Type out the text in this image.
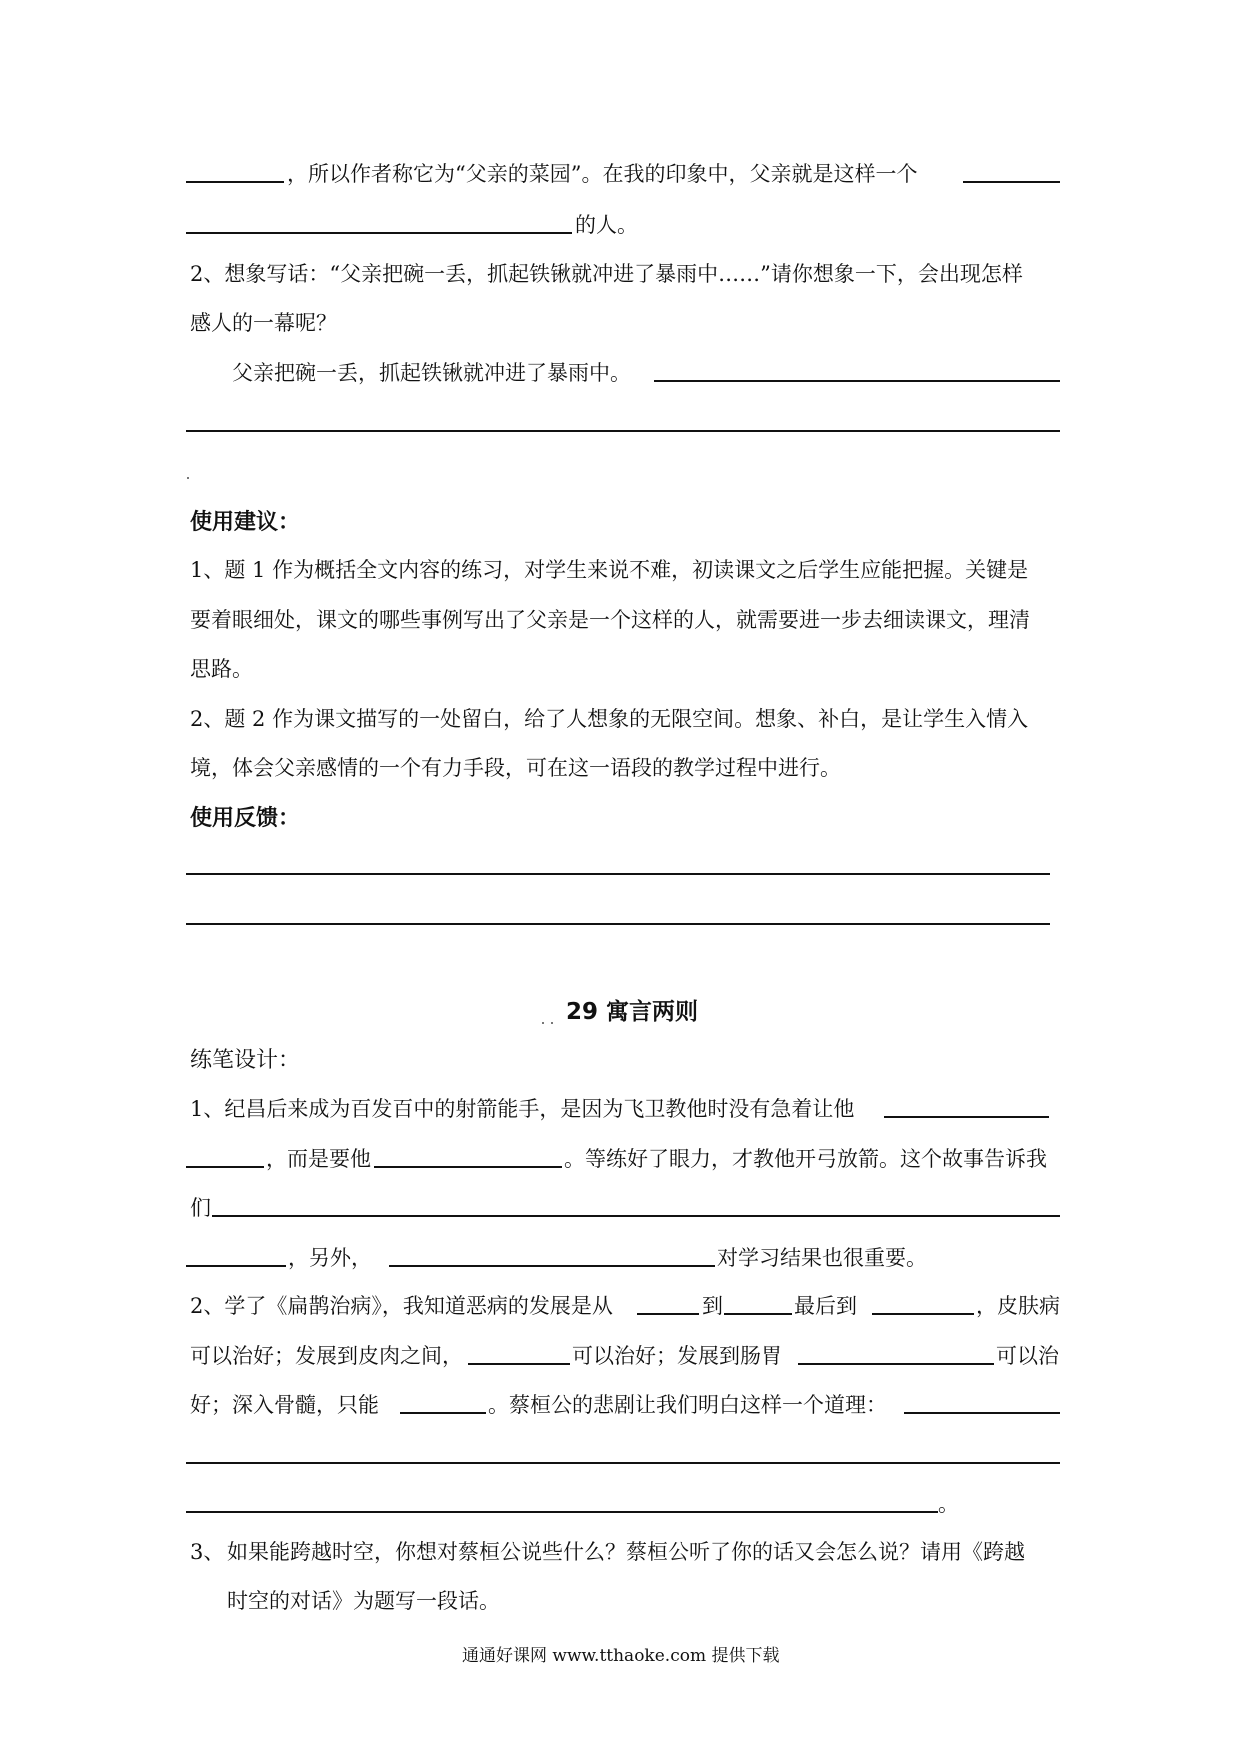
，所以作者称它为“父亲的菜园”。在我的印象中，父亲就是这样一个
的人。
2、想象写话：“父亲把碗一丢，抓起铁锹就冲进了暴雨中……”请你想象一下，会出现怎样
感人的一幕呢？
父亲把碗一丢，抓起铁锹就冲进了暴雨中。
使用建议：
1、题 1 作为概括全文内容的练习，对学生来说不难，初读课文之后学生应能把握。关键是
要着眼细处，课文的哪些事例写出了父亲是一个这样的人，就需要进一步去细读课文，理清
思路。
2、题 2 作为课文描写的一处留白，给了人想象的无限空间。想象、补白，是让学生入情入
境，体会父亲感情的一个有力手段，可在这一语段的教学过程中进行。
使用反馈：
29 寓言两则
练笔设计：
1、纪昌后来成为百发百中的射箭能手，是因为飞卫教他时没有急着让他
，而是要他	。等练好了眼力，才教他开弓放箭。这个故事告诉我
们
，另外，	对学习结果也很重要。
2、学了《扁鹊治病》，我知道恶病的发展是从	到	最后到	，皮肤病
可以治好；发展到皮肉之间，	可以治好；发展到肠胃	可以治
好；深入骨髓，只能	。蔡桓公的悲剧让我们明白这样一个道理：
。
3、 如果能跨越时空，你想对蔡桓公说些什么？蔡桓公听了你的话又会怎么说？请用《跨越
时空的对话》为题写一段话。
通通好课网 www.tthaoke.com 提供下载
